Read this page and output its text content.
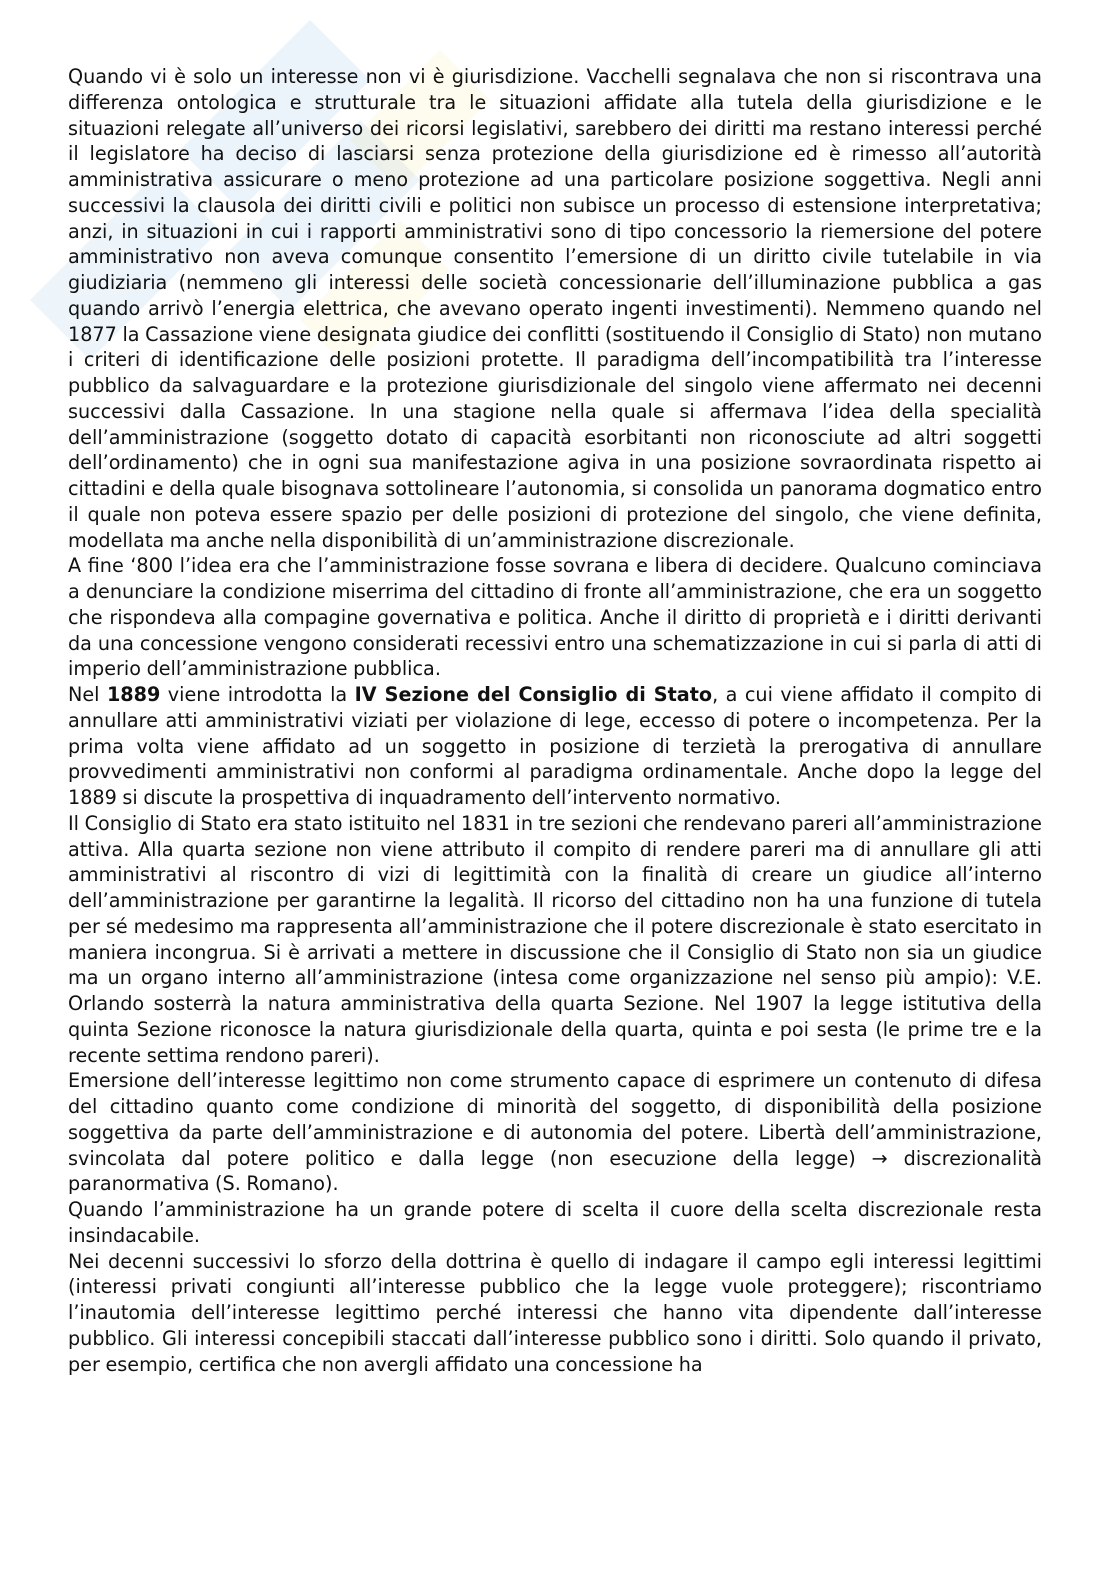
Quando vi è solo un interesse non vi è giurisdizione. Vacchelli segnalava che non si riscontrava una differenza ontologica e strutturale tra le situazioni affidate alla tutela della giurisdizione e le situazioni relegate all’universo dei ricorsi legislativi, sarebbero dei diritti ma restano interessi perché il legislatore ha deciso di lasciarsi senza protezione della giurisdizione ed è rimesso all’autorità amministrativa assicurare o meno protezione ad una particolare posizione soggettiva. Negli anni successivi la clausola dei diritti civili e politici non subisce un processo di estensione interpretativa; anzi, in situazioni in cui i rapporti amministrativi sono di tipo concessorio la riemersione del potere amministrativo non aveva comunque consentito l’emersione di un diritto civile tutelabile in via giudiziaria (nemmeno gli interessi delle società concessionarie dell’illuminazione pubblica a gas quando arrivò l’energia elettrica, che avevano operato ingenti investimenti). Nemmeno quando nel 1877 la Cassazione viene designata giudice dei conflitti (sostituendo il Consiglio di Stato) non mutano i criteri di identificazione delle posizioni protette. Il paradigma dell’incompatibilità tra l’interesse pubblico da salvaguardare e la protezione giurisdizionale del singolo viene affermato nei decenni successivi dalla Cassazione. In una stagione nella quale si affermava l’idea della specialità dell’amministrazione (soggetto dotato di capacità esorbitanti non riconosciute ad altri soggetti dell’ordinamento) che in ogni sua manifestazione agiva in una posizione sovraordinata rispetto ai cittadini e della quale bisognava sottolineare l’autonomia, si consolida un panorama dogmatico entro il quale non poteva essere spazio per delle posizioni di protezione del singolo, che viene definita, modellata ma anche nella disponibilità di un’amministrazione discrezionale.

A fine ‘800 l’idea era che l’amministrazione fosse sovrana e libera di decidere. Qualcuno cominciava a denunciare la condizione miserrima del cittadino di fronte all’amministrazione, che era un soggetto che rispondeva alla compagine governativa e politica. Anche il diritto di proprietà e i diritti derivanti da una concessione vengono considerati recessivi entro una schematizzazione in cui si parla di atti di imperio dell’amministrazione pubblica.

Nel 1889 viene introdotta la IV Sezione del Consiglio di Stato, a cui viene affidato il compito di annullare atti amministrativi viziati per violazione di lege, eccesso di potere o incompetenza. Per la prima volta viene affidato ad un soggetto in posizione di terzietà la prerogativa di annullare provvedimenti amministrativi non conformi al paradigma ordinamentale. Anche dopo la legge del 1889 si discute la prospettiva di inquadramento dell’intervento normativo.

Il Consiglio di Stato era stato istituito nel 1831 in tre sezioni che rendevano pareri all’amministrazione attiva. Alla quarta sezione non viene attributo il compito di rendere pareri ma di annullare gli atti amministrativi al riscontro di vizi di legittimità con la finalità di creare un giudice all’interno dell’amministrazione per garantirne la legalità. Il ricorso del cittadino non ha una funzione di tutela per sé medesimo ma rappresenta all’amministrazione che il potere discrezionale è stato esercitato in maniera incongrua. Si è arrivati a mettere in discussione che il Consiglio di Stato non sia un giudice ma un organo interno all’amministrazione (intesa come organizzazione nel senso più ampio): V.E. Orlando sosterrà la natura amministrativa della quarta Sezione. Nel 1907 la legge istitutiva della quinta Sezione riconosce la natura giurisdizionale della quarta, quinta e poi sesta (le prime tre e la recente settima rendono pareri).

Emersione dell’interesse legittimo non come strumento capace di esprimere un contenuto di difesa del cittadino quanto come condizione di minorità del soggetto, di disponibilità della posizione soggettiva da parte dell’amministrazione e di autonomia del potere. Libertà dell’amministrazione, svincolata dal potere politico e dalla legge (non esecuzione della legge) → discrezionalità paranormativa (S. Romano).

Quando l’amministrazione ha un grande potere di scelta il cuore della scelta discrezionale resta insindacabile.

Nei decenni successivi lo sforzo della dottrina è quello di indagare il campo egli interessi legittimi (interessi privati congiunti all’interesse pubblico che la legge vuole proteggere); riscontriamo l’inautomia dell’interesse legittimo perché interessi che hanno vita dipendente dall’interesse pubblico. Gli interessi concepibili staccati dall’interesse pubblico sono i diritti. Solo quando il privato, per esempio, certifica che non avergli affidato una concessione ha
